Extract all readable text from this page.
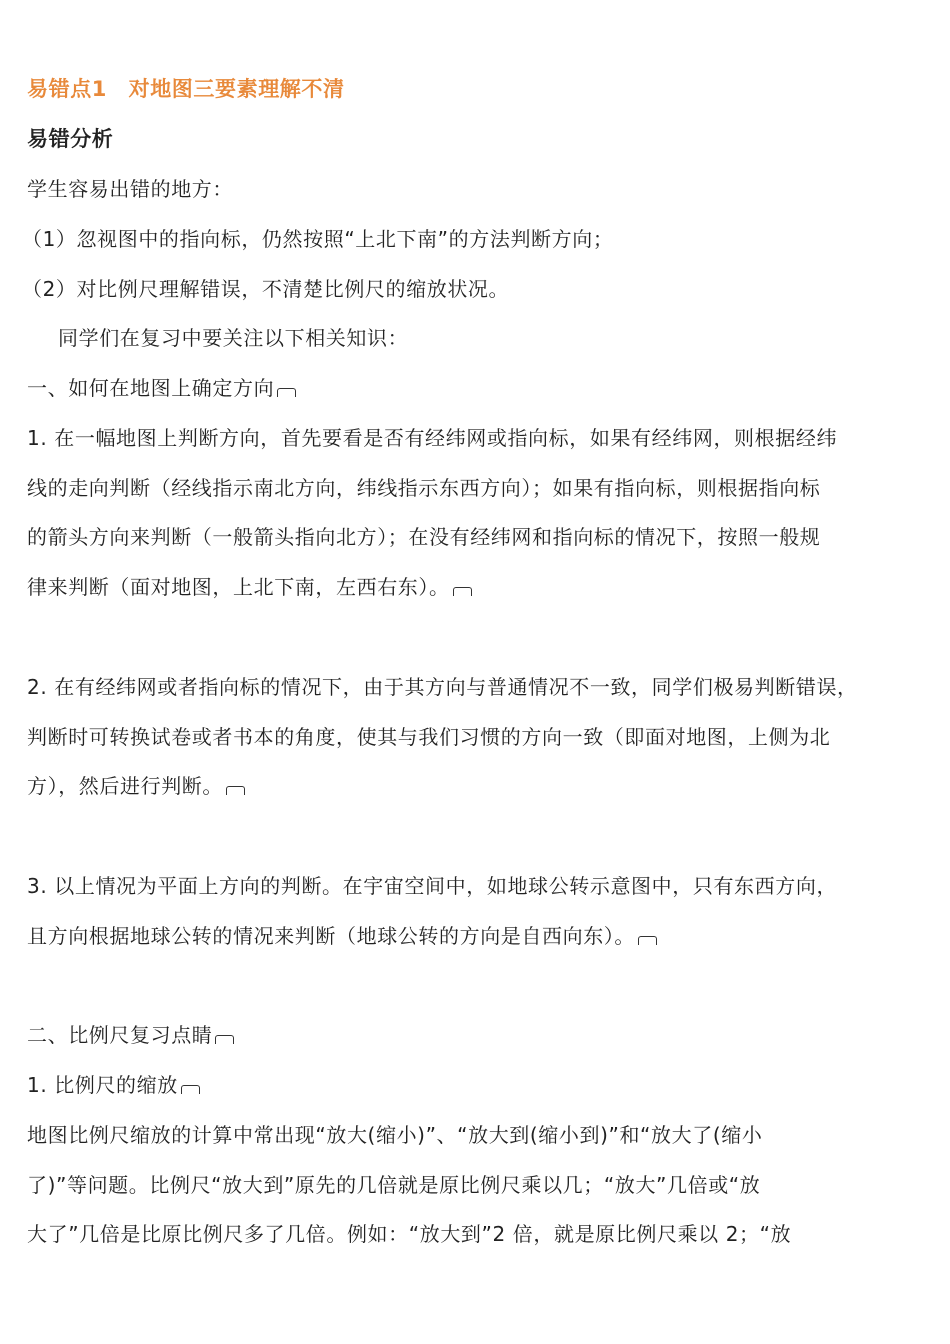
易错点1　对地图三要素理解不清
易错分析
学生容易出错的地方：
（1）忽视图中的指向标，仍然按照“上北下南”的方法判断方向；
（2）对比例尺理解错误，不清楚比例尺的缩放状况。
同学们在复习中要关注以下相关知识：
一、如何在地图上确定方向
1. 在一幅地图上判断方向，首先要看是否有经纬网或指向标，如果有经纬网，则根据经纬
线的走向判断（经线指示南北方向，纬线指示东西方向）；如果有指向标，则根据指向标
的箭头方向来判断（一般箭头指向北方）；在没有经纬网和指向标的情况下，按照一般规
律来判断（面对地图，上北下南，左西右东）。
2. 在有经纬网或者指向标的情况下，由于其方向与普通情况不一致，同学们极易判断错误，
判断时可转换试卷或者书本的角度，使其与我们习惯的方向一致（即面对地图，上侧为北
方），然后进行判断。
3. 以上情况为平面上方向的判断。在宇宙空间中，如地球公转示意图中，只有东西方向，
且方向根据地球公转的情况来判断（地球公转的方向是自西向东）。
二、比例尺复习点睛
1. 比例尺的缩放
地图比例尺缩放的计算中常出现“放大(缩小)”、“放大到(缩小到)”和“放大了(缩小
了)”等问题。比例尺“放大到”原先的几倍就是原比例尺乘以几；“放大”几倍或“放
大了”几倍是比原比例尺多了几倍。例如：“放大到”2 倍，就是原比例尺乘以 2；“放
